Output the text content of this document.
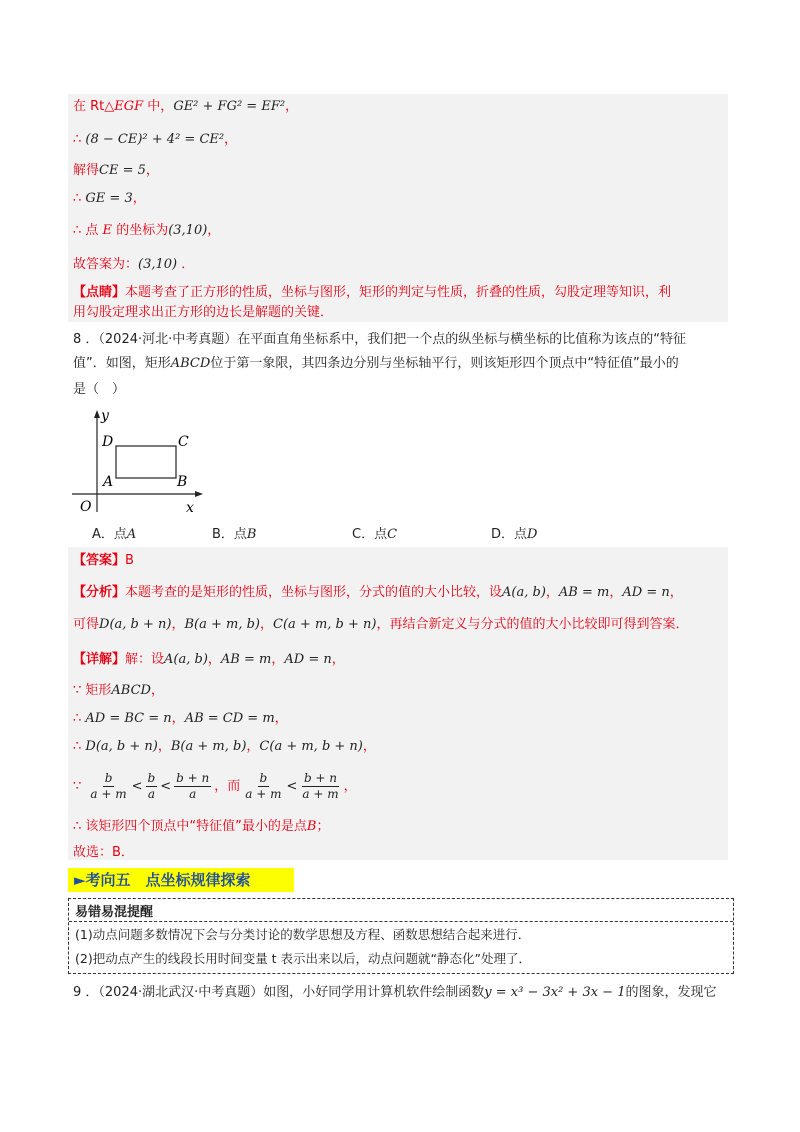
在 Rt△EGF 中，GE² + FG² = EF²，
∴ (8 − CE)² + 4² = CE²，
解得CE = 5，
∴ GE = 3，
∴ 点 E 的坐标为(3,10)，
故答案为：(3,10) ．
【点睛】本题考查了正方形的性质，坐标与图形，矩形的判定与性质，折叠的性质，勾股定理等知识，利
用勾股定理求出正方形的边长是解题的关键．
8 ．（2024·河北·中考真题）在平面直角坐标系中，我们把一个点的纵坐标与横坐标的比值称为该点的“特征
值”．如图，矩形ABCD位于第一象限，其四条边分别与坐标轴平行，则该矩形四个顶点中“特征值”最小的
是（　）
y
x
O
A	B
C
D
A．点A	B．点B	C．点C	D．点D
【答案】B
【分析】本题考查的是矩形的性质，坐标与图形，分式的值的大小比较，设A(a, b)，AB = m，AD = n，
可得D(a, b + n)，B(a + m, b)，C(a + m, b + n)，再结合新定义与分式的值的大小比较即可得到答案．
【详解】解：设A(a, b)，AB = m，AD = n，
∵ 矩形ABCD，
∴ AD = BC = n，AB = CD = m，
∴ D(a, b + n)，B(a + m, b)，C(a + m, b + n)，
∵ $\frac{b}{a + m} < \frac{b}{a} < \frac{b + n}{a}$ ，而 $\frac{b}{a + m} < \frac{b + n}{a + m}$ ，
∴ 该矩形四个顶点中“特征值”最小的是点B；
故选：B．
►考向五　点坐标规律探索
易错易混提醒
(1)动点问题多数情况下会与分类讨论的数学思想及方程、函数思想结合起来进行．
(2)把动点产生的线段长用时间变量 t 表示出来以后，动点问题就“静态化”处理了．
9 ．（2024·湖北武汉·中考真题）如图，小好同学用计算机软件绘制函数y = x³ − 3x² + 3x − 1的图象，发现它
